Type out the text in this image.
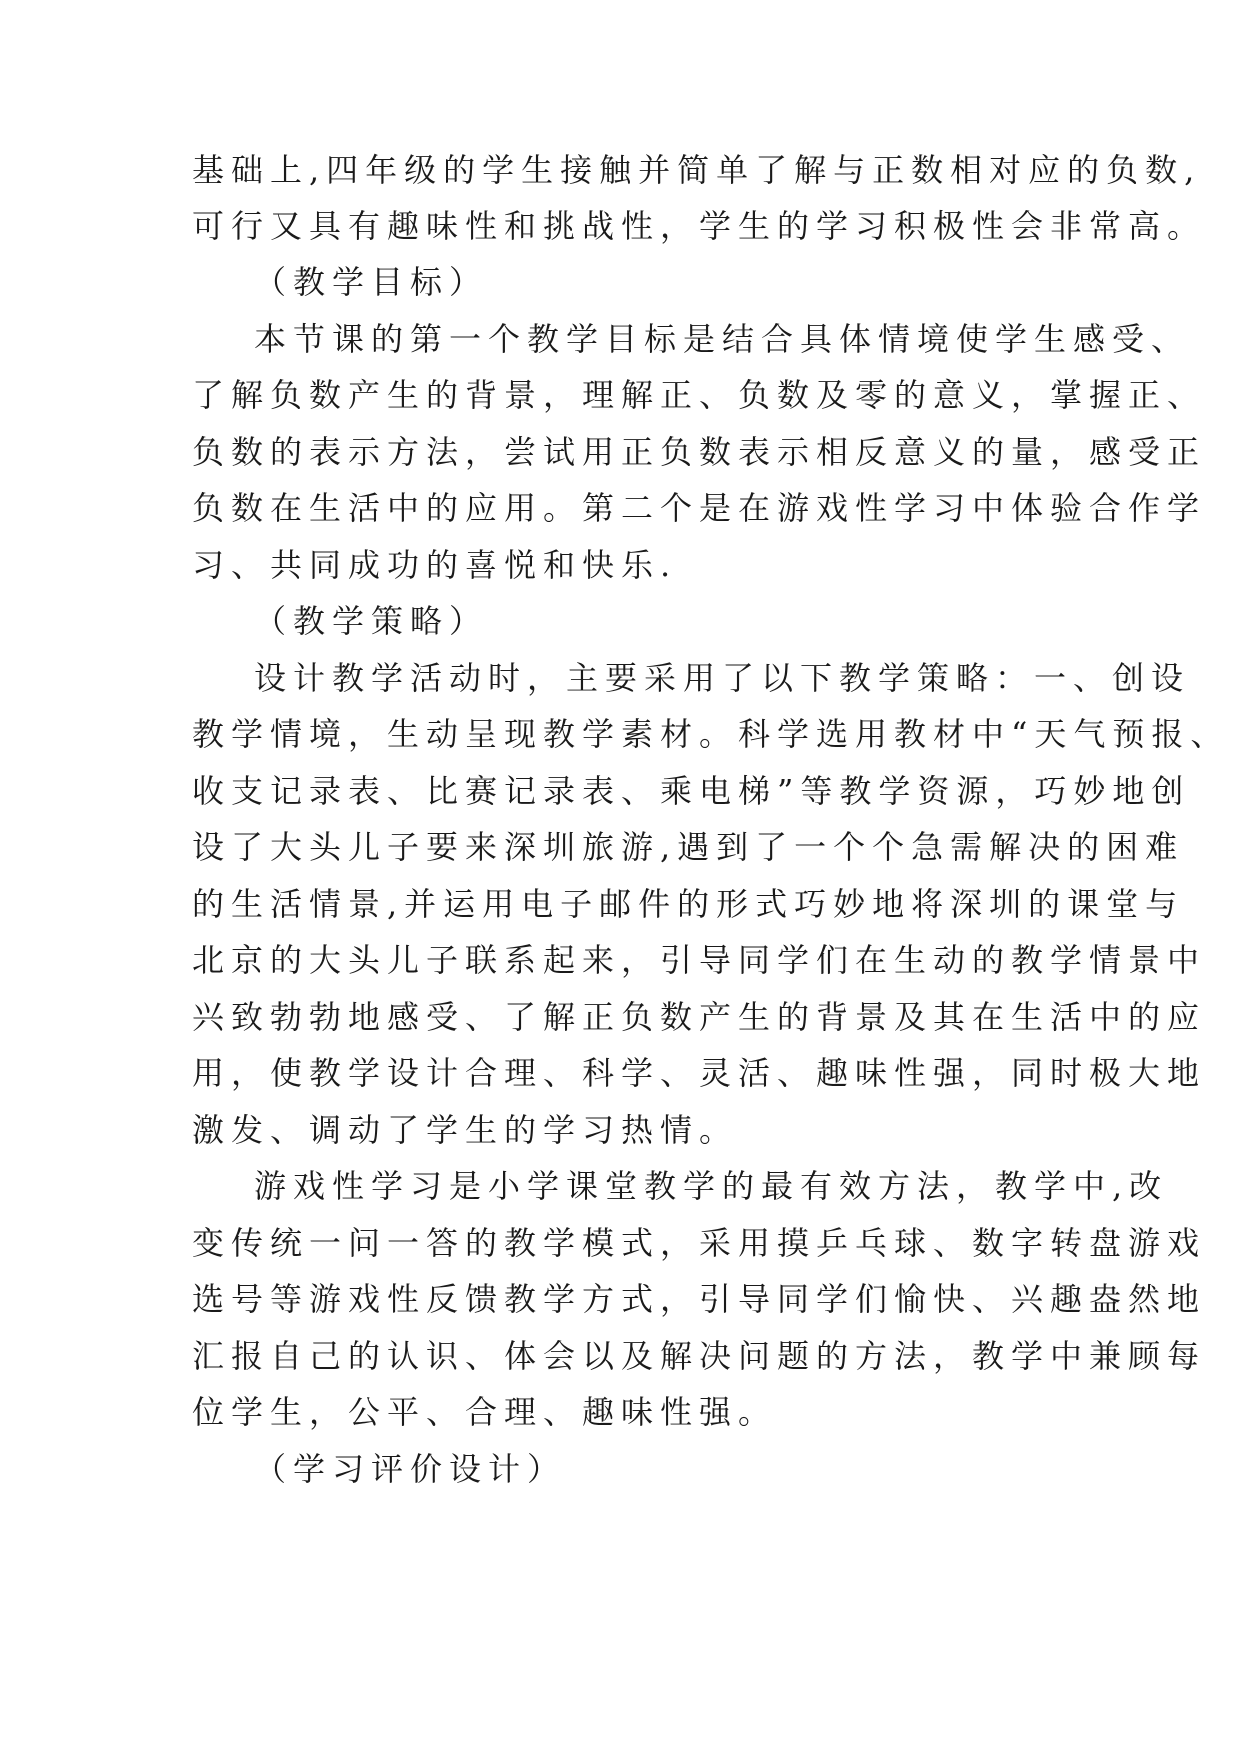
基础上,四年级的学生接触并简单了解与正数相对应的负数,
可行又具有趣味性和挑战性，学生的学习积极性会非常高。
（教学目标）
本节课的第一个教学目标是结合具体情境使学生感受、
了解负数产生的背景，理解正、负数及零的意义，掌握正、
负数的表示方法，尝试用正负数表示相反意义的量，感受正
负数在生活中的应用。第二个是在游戏性学习中体验合作学
习、共同成功的喜悦和快乐.
（教学策略）
设计教学活动时，主要采用了以下教学策略：一、创设
教学情境，生动呈现教学素材。科学选用教材中“天气预报、
收支记录表、比赛记录表、乘电梯”等教学资源，巧妙地创
设了大头儿子要来深圳旅游,遇到了一个个急需解决的困难
的生活情景,并运用电子邮件的形式巧妙地将深圳的课堂与
北京的大头儿子联系起来，引导同学们在生动的教学情景中
兴致勃勃地感受、了解正负数产生的背景及其在生活中的应
用，使教学设计合理、科学、灵活、趣味性强，同时极大地
激发、调动了学生的学习热情。
游戏性学习是小学课堂教学的最有效方法，教学中,改
变传统一问一答的教学模式，采用摸乒乓球、数字转盘游戏
选号等游戏性反馈教学方式，引导同学们愉快、兴趣盎然地
汇报自己的认识、体会以及解决问题的方法，教学中兼顾每
位学生，公平、合理、趣味性强。
（学习评价设计）
